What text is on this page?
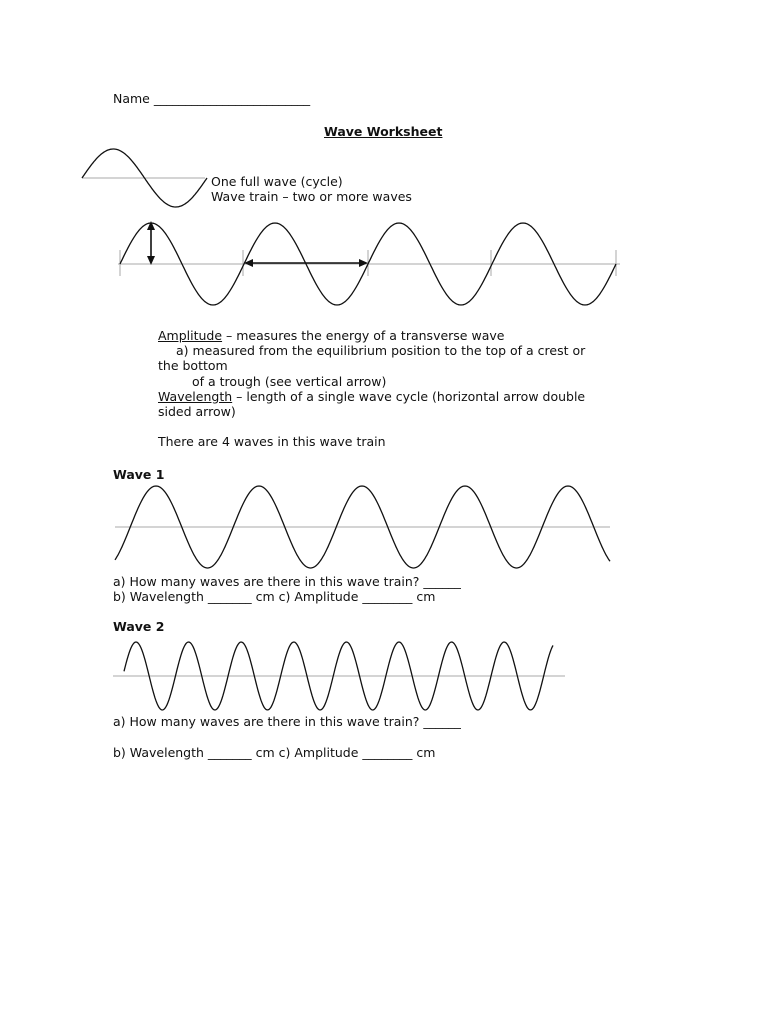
Name _________________________
Wave Worksheet
One full wave (cycle)
Wave train – two or more waves

Amplitude – measures the energy of a transverse wave

a) measured from the equilibrium position to the top of a crest or the bottom

of a trough (see vertical arrow)

Wavelength – length of a single wave cycle (horizontal arrow double sided arrow)

There are 4 waves in this wave train

Wave 1
a) How many waves are there in this wave train? ______
b) Wavelength _______ cm c) Amplitude ________ cm
Wave 2
a) How many waves are there in this wave train? ______
b) Wavelength _______ cm c) Amplitude ________ cm
